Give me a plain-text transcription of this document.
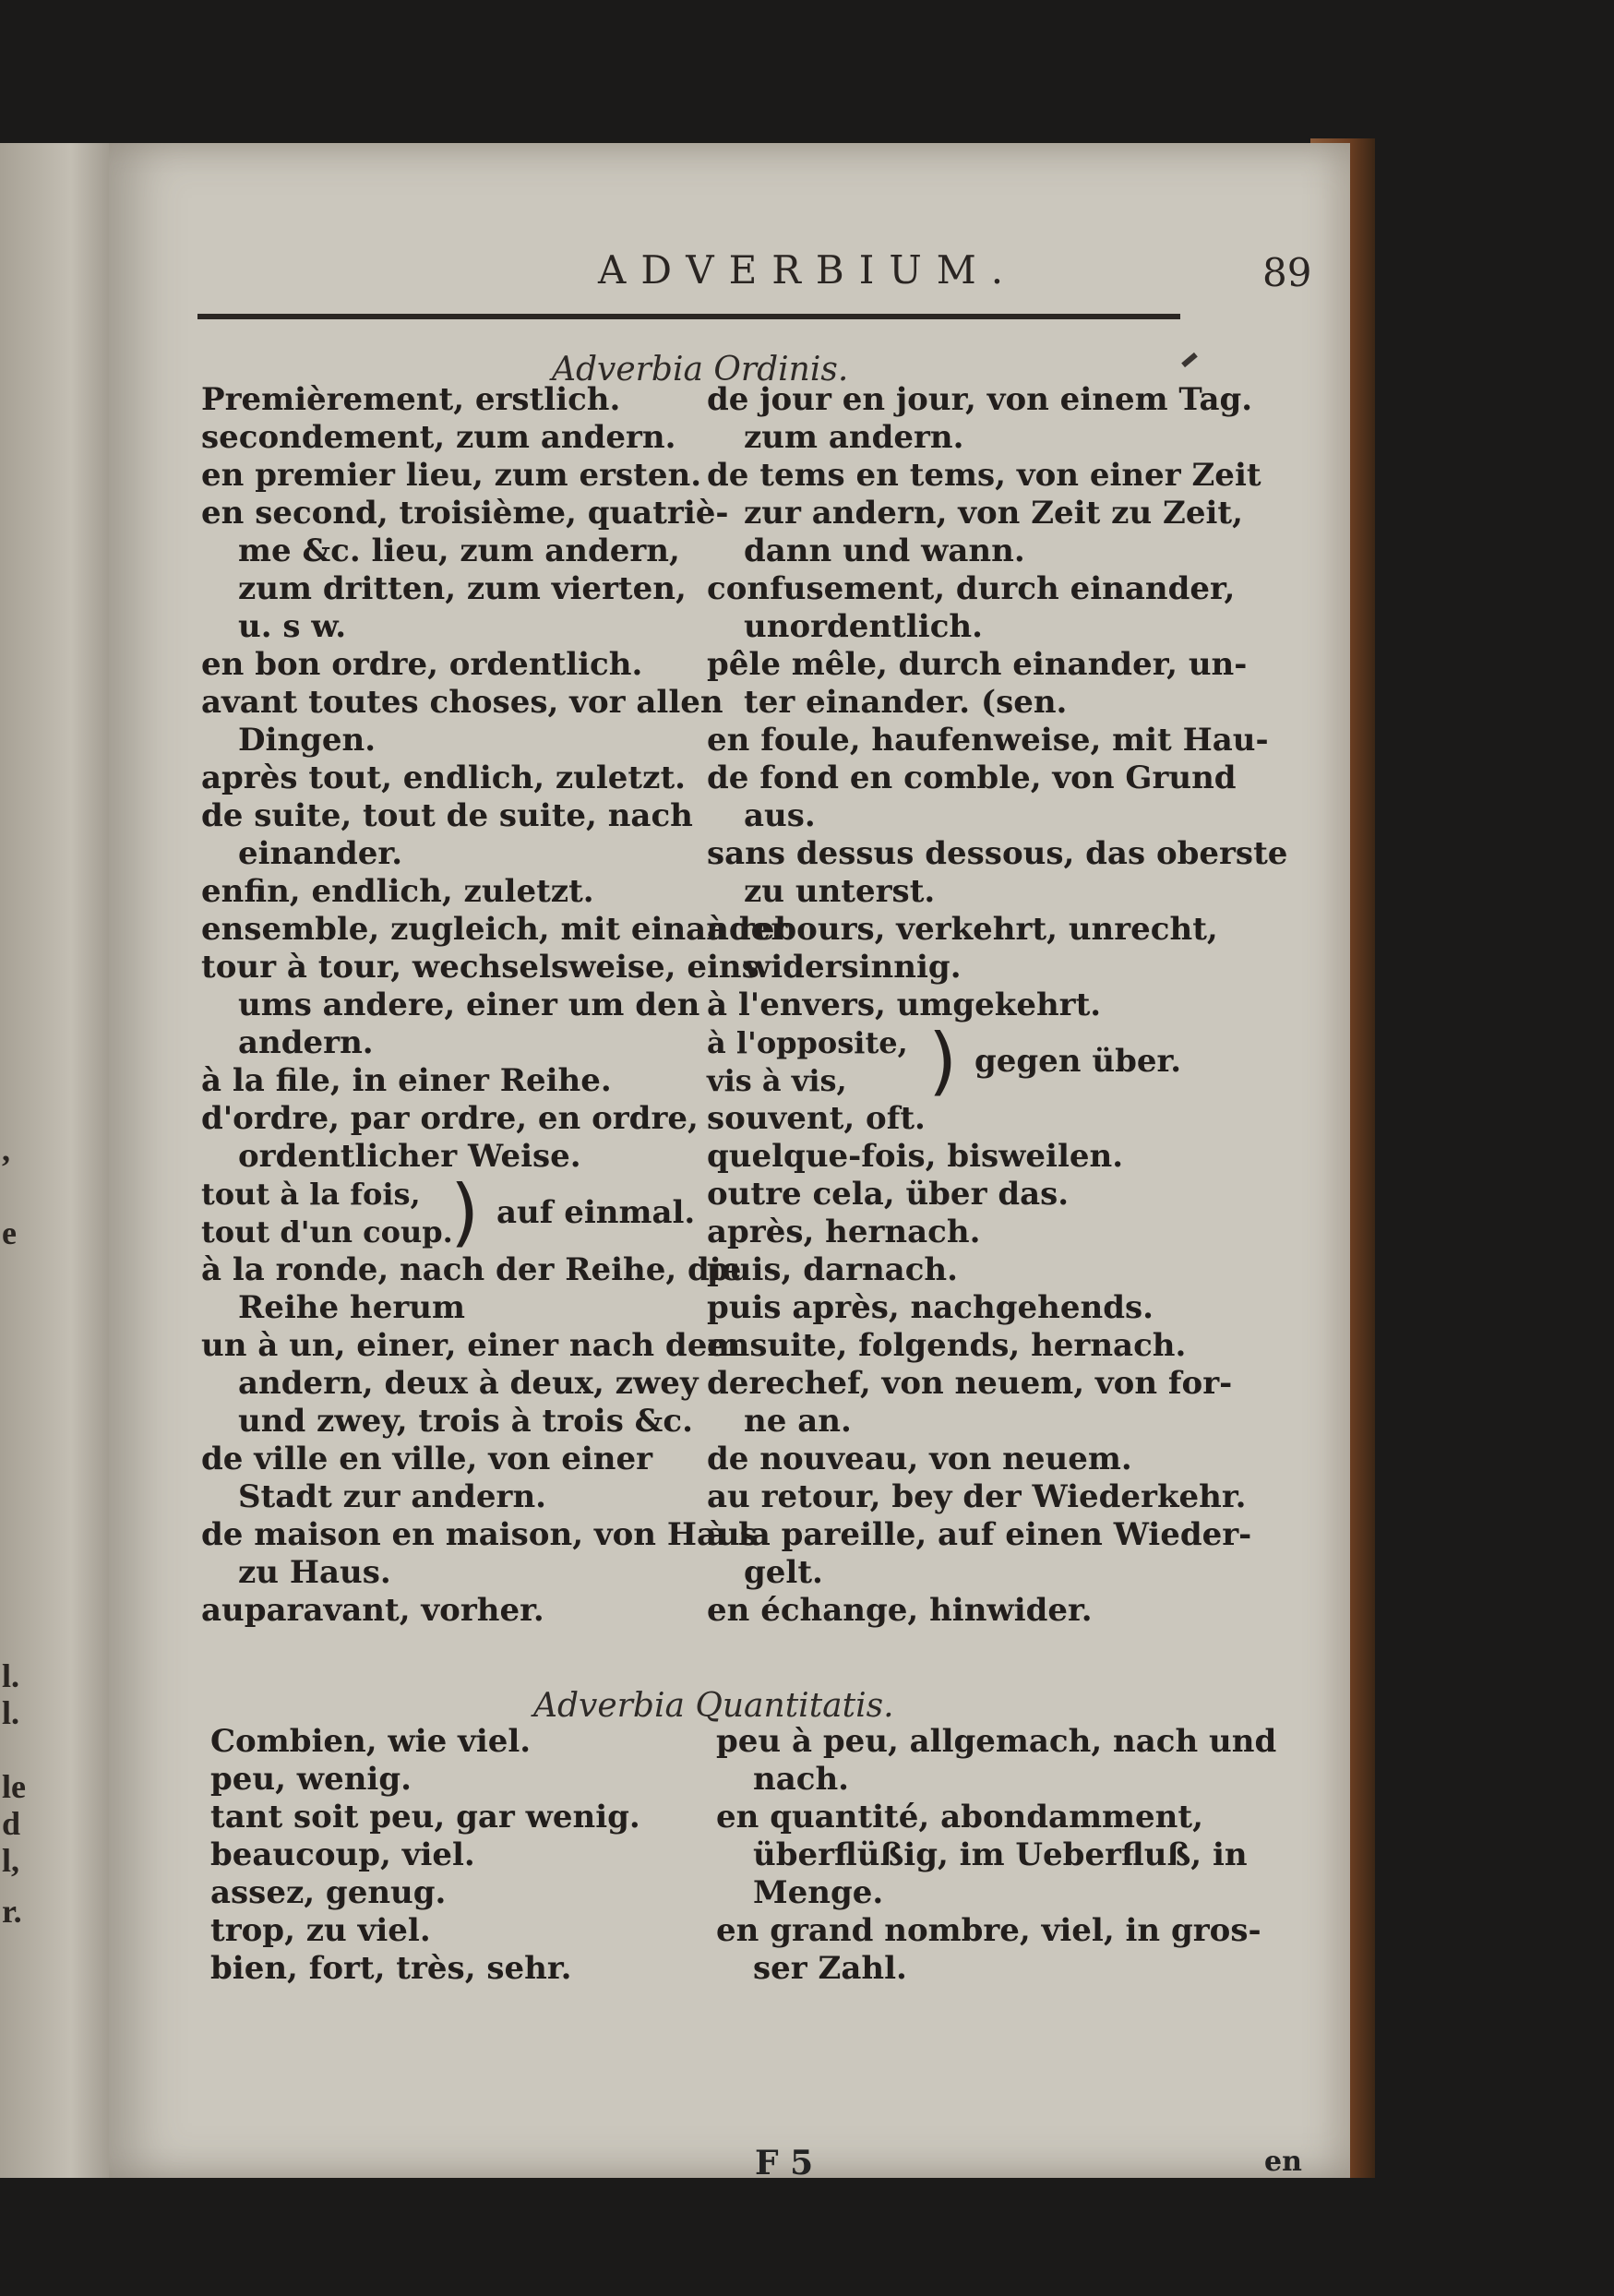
,
e
l.
l.
le
d
l,
r.
ADVERBIUM.	89
Adverbia Ordinis.
Premièrement, erstlich.
secondement, zum andern.
en premier lieu, zum ersten.
en second, troisième, quatriè-
me &c. lieu, zum andern,
zum dritten, zum vierten,
u. s w.
en bon ordre, ordentlich.
avant toutes choses, vor allen
Dingen.
après tout, endlich, zuletzt.
de suite, tout de suite, nach
einander.
enfin, endlich, zuletzt.
ensemble, zugleich, mit einander
tour à tour, wechselsweise, eins
ums andere, einer um den
andern.
à la file, in einer Reihe.
d'ordre, par ordre, en ordre,
ordentlicher Weise.
tout à la fois,
tout d'un coup.
) auf einmal.
à la ronde, nach der Reihe, die
Reihe herum
un à un, einer, einer nach dem
andern, deux à deux, zwey
und zwey, trois à trois &c.
de ville en ville, von einer
Stadt zur andern.
de maison en maison, von Haus
zu Haus.
auparavant, vorher.
de jour en jour, von einem Tag.
zum andern.
de tems en tems, von einer Zeit
zur andern, von Zeit zu Zeit,
dann und wann.
confusement, durch einander,
unordentlich.
pêle mêle, durch einander, un-
ter einander. (sen.
en foule, haufenweise, mit Hau-
de fond en comble, von Grund
aus.
sans dessus dessous, das oberste
zu unterst.
à rebours, verkehrt, unrecht,
widersinnig.
à l'envers, umgekehrt.
à l'opposite,
vis à vis, ) gegen über.
souvent, oft.
quelque-fois, bisweilen.
outre cela, über das.
après, hernach.
puis, darnach.
puis après, nachgehends.
ensuite, folgends, hernach.
derechef, von neuem, von for-
ne an.
de nouveau, von neuem.
au retour, bey der Wiederkehr.
à la pareille, auf einen Wieder-
gelt.
en échange, hinwider.
Adverbia Quantitatis.
Combien, wie viel.
peu, wenig.
tant soit peu, gar wenig.
beaucoup, viel.
assez, genug.
trop, zu viel.
bien, fort, très, sehr.
peu à peu, allgemach, nach und
nach.
en quantité, abondamment,
überflüßig, im Ueberfluß, in
Menge.
en grand nombre, viel, in gros-
ser Zahl.
F 5	en
